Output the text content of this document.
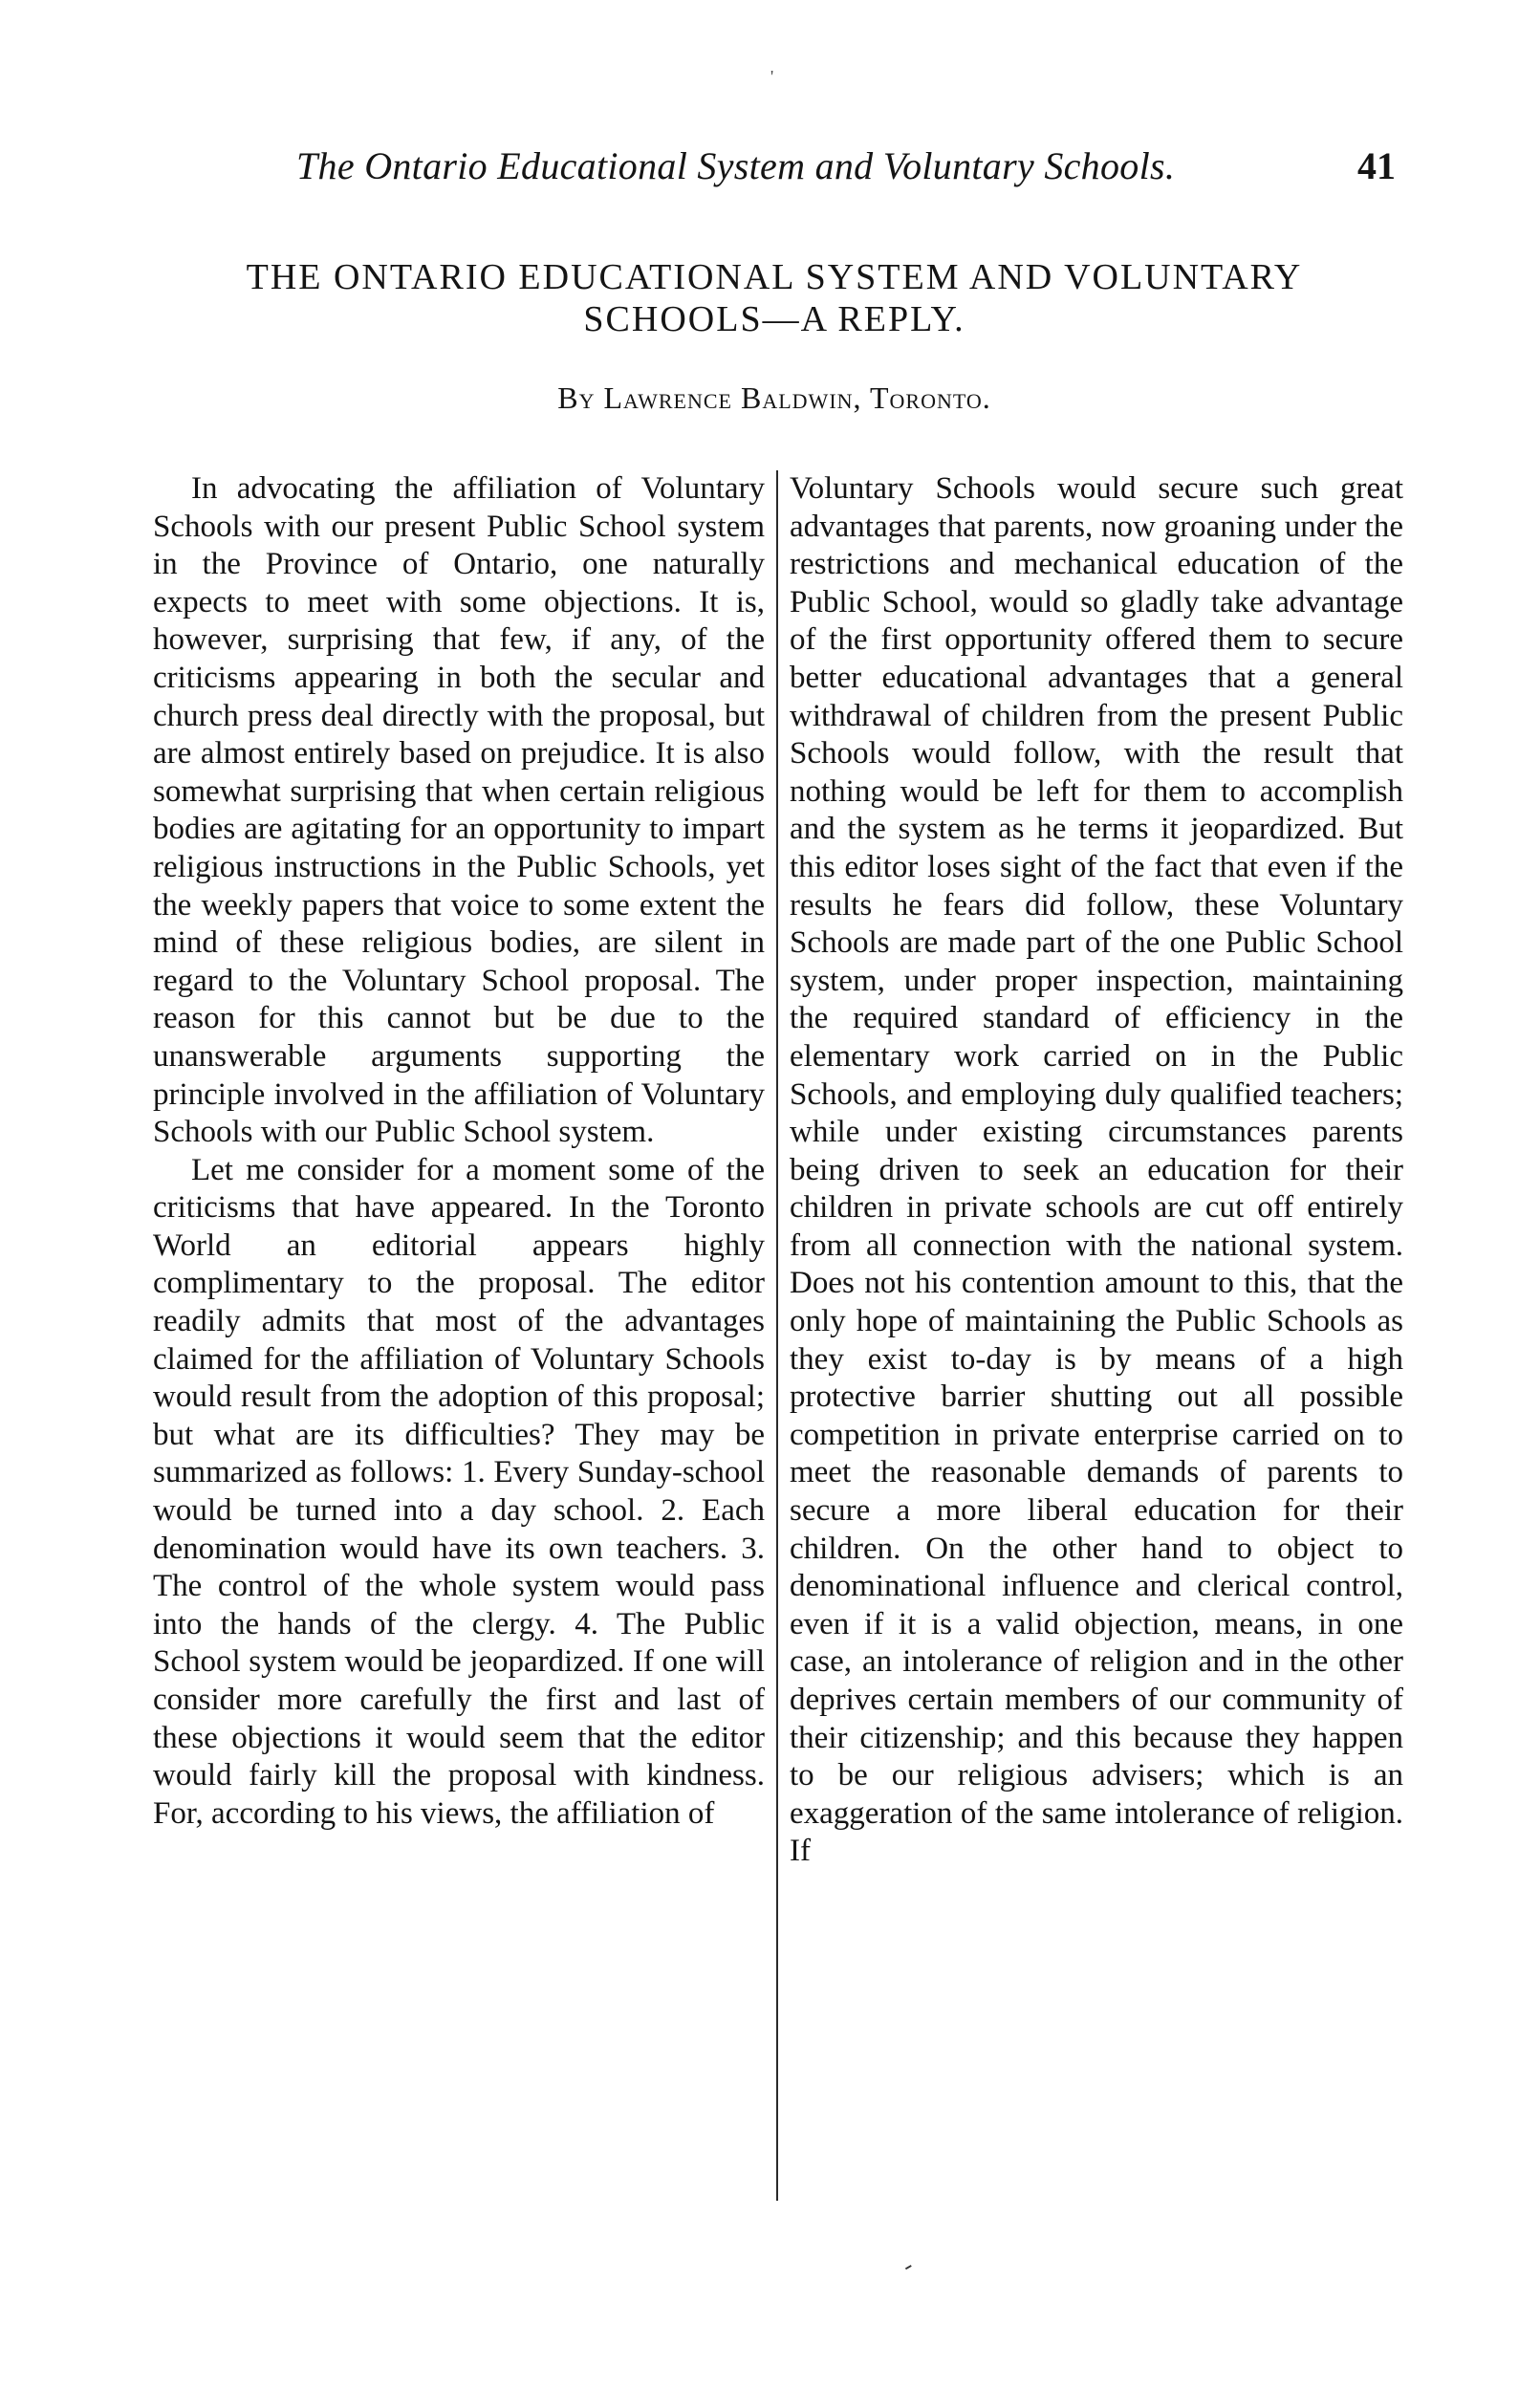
'
The Ontario Educational System and Voluntary Schools.	41
THE ONTARIO EDUCATIONAL SYSTEM AND VOLUNTARY SCHOOLS—A REPLY.
By Lawrence Baldwin, Toronto.

In advocating the affiliation of Voluntary Schools with our present Public School system in the Province of Ontario, one naturally expects to meet with some objections. It is, however, surprising that few, if any, of the criticisms appearing in both the secular and church press deal directly with the proposal, but are almost entirely based on prejudice. It is also somewhat surprising that when certain religious bodies are agitating for an opportunity to impart religious instructions in the Public Schools, yet the weekly papers that voice to some extent the mind of these religious bodies, are silent in regard to the Voluntary School proposal. The reason for this cannot but be due to the unanswerable arguments supporting the principle involved in the affiliation of Voluntary Schools with our Public School system.

Let me consider for a moment some of the criticisms that have appeared. In the Toronto World an editorial appears highly complimentary to the proposal. The editor readily admits that most of the advantages claimed for the affiliation of Voluntary Schools would result from the adoption of this proposal; but what are its difficulties? They may be summarized as follows: 1. Every Sunday-school would be turned into a day school. 2. Each denomination would have its own teachers. 3. The control of the whole system would pass into the hands of the clergy. 4. The Public School system would be jeopardized. If one will consider more carefully the first and last of these objections it would seem that the editor would fairly kill the proposal with kindness. For, according to his views, the affiliation of

Voluntary Schools would secure such great advantages that parents, now groaning under the restrictions and mechanical education of the Public School, would so gladly take advantage of the first opportunity offered them to secure better educational advantages that a general withdrawal of children from the present Public Schools would follow, with the result that nothing would be left for them to accomplish and the system as he terms it jeopardized. But this editor loses sight of the fact that even if the results he fears did follow, these Voluntary Schools are made part of the one Public School system, under proper inspection, maintaining the required standard of efficiency in the elementary work carried on in the Public Schools, and employing duly qualified teachers; while under existing circumstances parents being driven to seek an education for their children in private schools are cut off entirely from all connection with the national system. Does not his contention amount to this, that the only hope of maintaining the Public Schools as they exist to-day is by means of a high protective barrier shutting out all possible competition in private enterprise carried on to meet the reasonable demands of parents to secure a more liberal education for their children. On the other hand to object to denominational influence and clerical control, even if it is a valid objection, means, in one case, an intolerance of religion and in the other deprives certain members of our community of their citizenship; and this because they happen to be our religious advisers; which is an exaggeration of the same intolerance of religion. If

-
